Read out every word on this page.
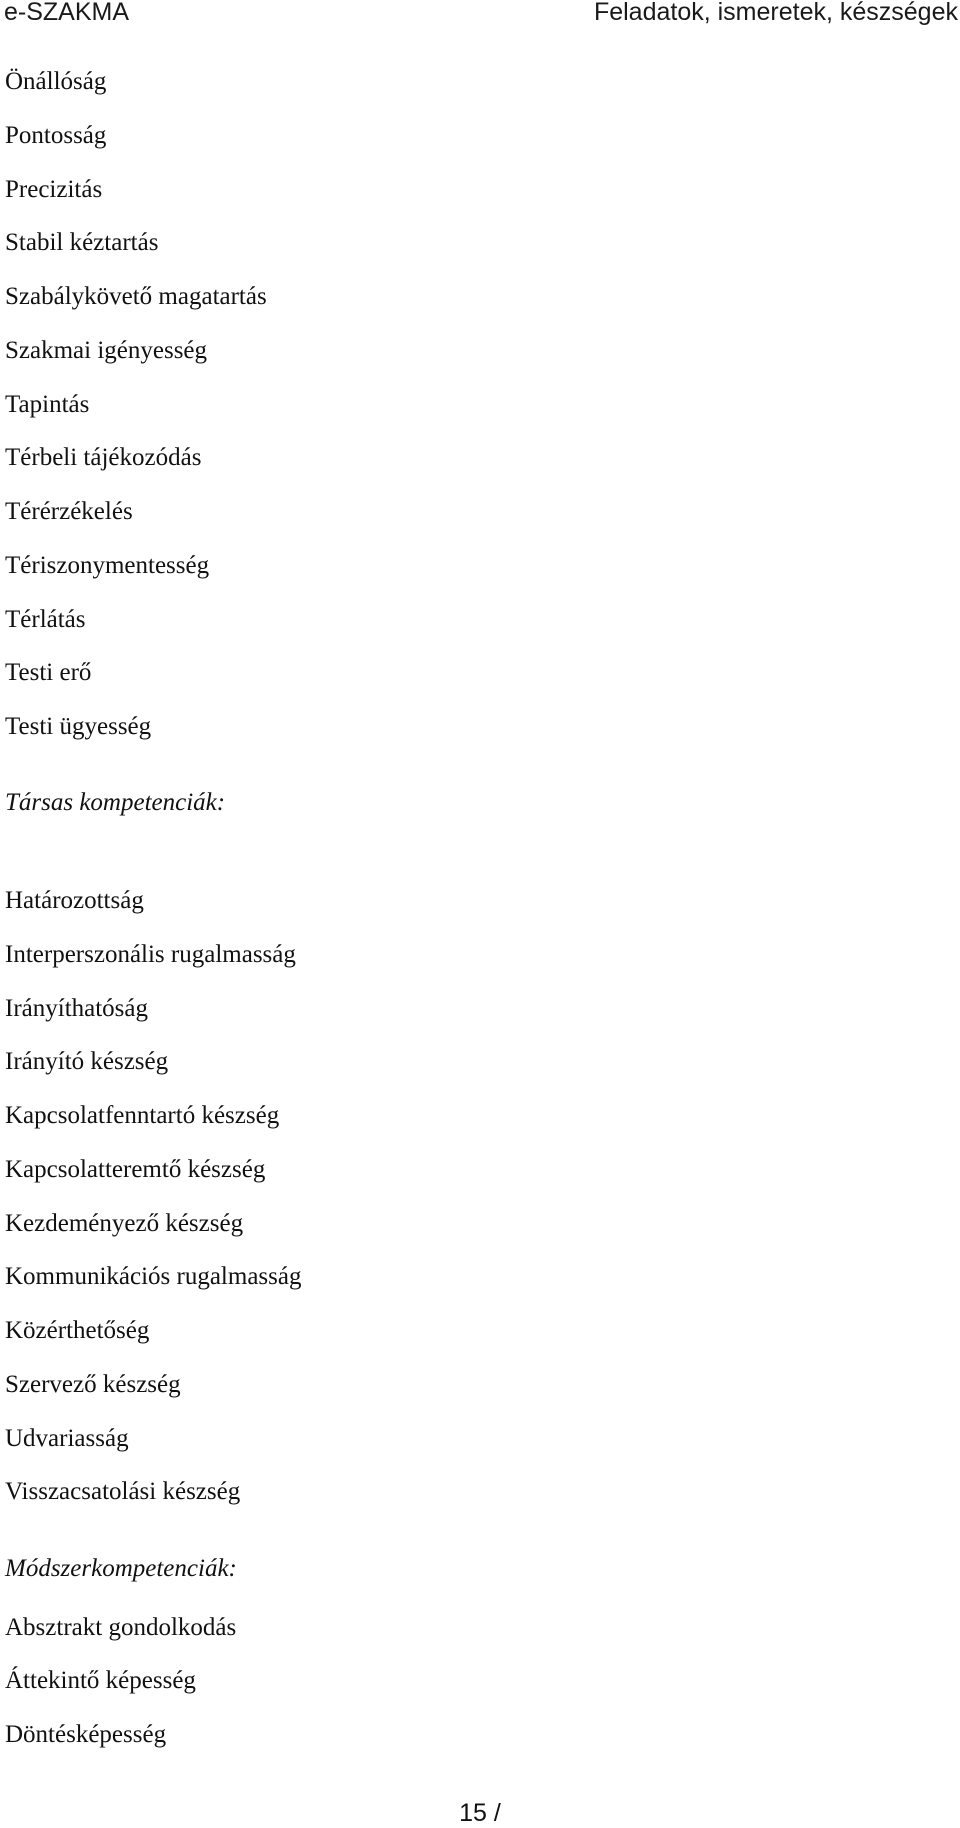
e-SZAKMA	Feladatok, ismeretek, készségek
Önállóság
Pontosság
Precizitás
Stabil kéztartás
Szabálykövető magatartás
Szakmai igényesség
Tapintás
Térbeli tájékozódás
Térérzékelés
Tériszonymentesség
Térlátás
Testi erő
Testi ügyesség
Társas kompetenciák:
Határozottság
Interperszonális rugalmasság
Irányíthatóság
Irányító készség
Kapcsolatfenntartó készség
Kapcsolatteremtő készség
Kezdeményező készség
Kommunikációs rugalmasság
Közérthetőség
Szervező készség
Udvariasság
Visszacsatolási készség
Módszerkompetenciák:
Absztrakt gondolkodás
Áttekintő képesség
Döntésképesség
15 /
